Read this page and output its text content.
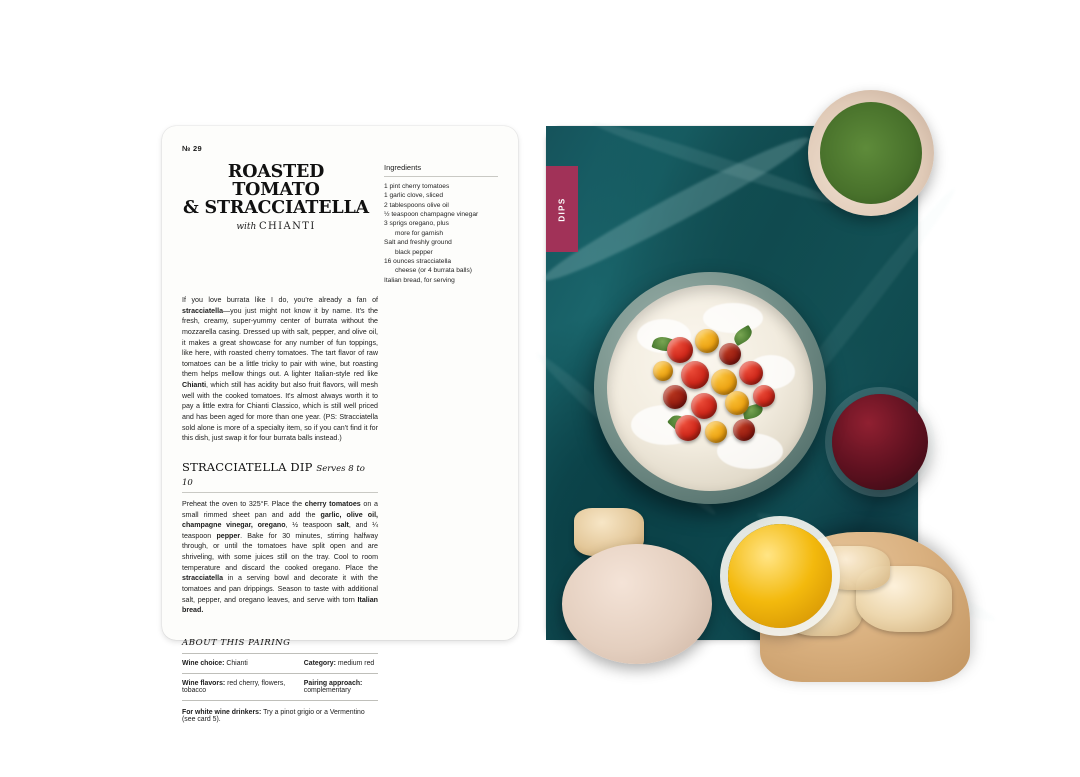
№ 29
ROASTED TOMATO
& STRACCIATELLA
with CHIANTI
Ingredients
1 pint cherry tomatoes
1 garlic clove, sliced
2 tablespoons olive oil
½ teaspoon champagne vinegar
3 sprigs oregano, plus
more for garnish
Salt and freshly ground
black pepper
16 ounces stracciatella
cheese (or 4 burrata balls)
Italian bread, for serving

If you love burrata like I do, you're already a fan of stracciatella—you just might not know it by name. It's the fresh, creamy, super-yummy center of burrata without the mozzarella casing. Dressed up with salt, pepper, and olive oil, it makes a great showcase for any number of fun toppings, like here, with roasted cherry tomatoes. The tart flavor of raw tomatoes can be a little tricky to pair with wine, but roasting them helps mellow things out. A lighter Italian-style red like Chianti, which still has acidity but also fruit flavors, will mesh well with the cooked tomatoes. It's almost always worth it to pay a little extra for Chianti Classico, which is still well priced and has been aged for more than one year. (PS: Stracciatella sold alone is more of a specialty item, so if you can't find it for this dish, just swap it for four burrata balls instead.)

STRACCIATELLA DIP Serves 8 to 10

Preheat the oven to 325°F. Place the cherry tomatoes on a small rimmed sheet pan and add the garlic, olive oil, champagne vinegar, oregano, ½ teaspoon salt, and ¼ teaspoon pepper. Bake for 30 minutes, stirring halfway through, or until the tomatoes have split open and are shriveling, with some juices still on the tray. Cool to room temperature and discard the cooked oregano. Place the stracciatella in a serving bowl and decorate it with the tomatoes and pan drippings. Season to taste with additional salt, pepper, and oregano leaves, and serve with torn Italian bread.

ABOUT THIS PAIRING
Wine choice: Chianti	Category: medium red
Wine flavors: red cherry, flowers, tobacco	Pairing approach: complementary
For white wine drinkers: Try a pinot grigio or a Vermentino (see card 5).
DIPS
